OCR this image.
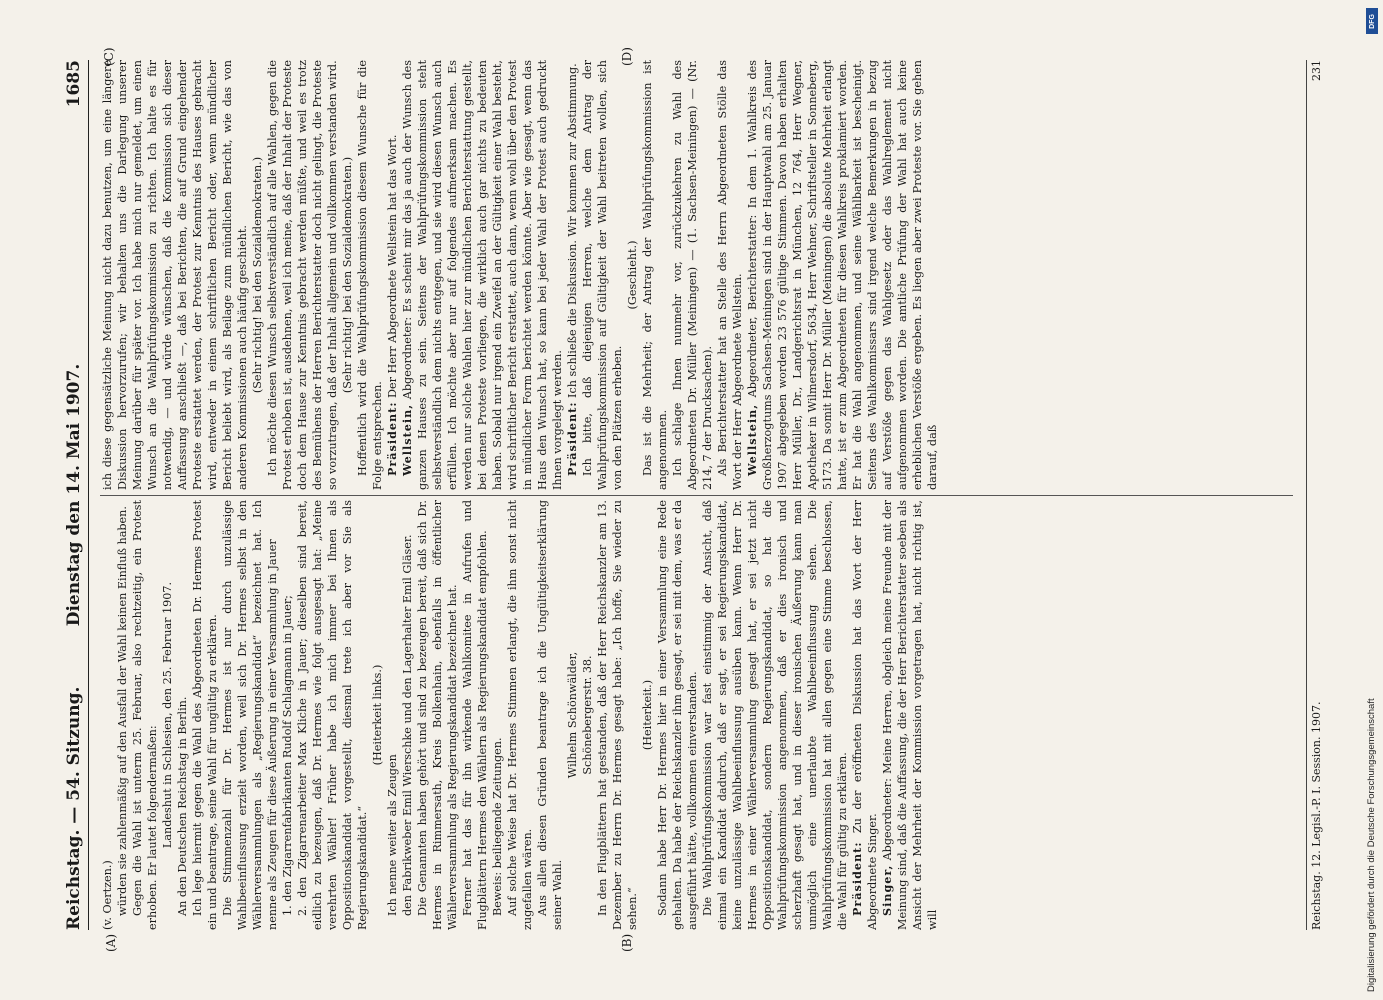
Reichstag. — 54. Sitzung.
Dienstag den 14. Mai 1907.
1685
(A)	(B)
(C)	(D)

(v. Oertzen.) würden sie zahlenmäßig auf den Ausfall der Wahl keinen Einfluß haben. Gegen die Wahl ist unterm 25. Februar, also rechtzeitig, ein Protest erhoben. Er lautet folgendermaßen: Landeshut in Schlesien, den 25. Februar 1907. An den Deutschen Reichstag in Berlin. Ich lege hiermit gegen die Wahl des Abgeordneten Dr. Hermes Protest ein und beantrage, seine Wahl für ungültig zu erklären. Die Stimmenzahl für Dr. Hermes ist nur durch unzulässige Wahlbeeinflussung erzielt worden, weil sich Dr. Hermes selbst in den Wählerversammlungen als „Regierungskandidat“ bezeichnet hat. Ich nenne als Zeugen für diese Äußerung in einer Versammlung in Jauer 1. den Zigarrenfabrikanten Rudolf Schlagmann in Jauer; 2. den Zigarrenarbeiter Max Kliche in Jauer; dieselben sind bereit, eidlich zu bezeugen, daß Dr. Hermes wie folgt ausgesagt hat: „Meine verehrten Wähler! Früher habe ich mich immer bei Ihnen als Oppositionskandidat vorgestellt, diesmal trete ich aber vor Sie als Regierungskandidat.“

(Heiterkeit links.)

Ich nenne weiter als Zeugen den Fabrikweber Emil Wierschke und den Lagerhalter Emil Gläser. Die Genannten haben gehört und sind zu bezeugen bereit, daß sich Dr. Hermes in Rimmersath, Kreis Bolkenhain, ebenfalls in öffentlicher Wählerversammlung als Regierungskandidat bezeichnet hat. Ferner hat das für ihn wirkende Wahlkomitee in Aufrufen und Flugblättern Hermes den Wählern als Regierungskandidat empfohlen. Beweis: beiliegende Zeitungen. Auf solche Weise hat Dr. Hermes Stimmen erlangt, die ihm sonst nicht zugefallen wären. Aus allen diesen Gründen beantrage ich die Ungültigkeitserklärung seiner Wahl.

Wilhelm Schönwälder, Schönebergerstr. 38. In den Flugblättern hat gestanden, daß der Herr Reichskanzler am 13. Dezember zu Herrn Dr. Hermes gesagt habe: „Ich hoffe, Sie wieder zu sehen.“

(Heiterkeit.) Sodann habe Herr Dr. Hermes hier in einer Versammlung eine Rede gehalten. Da habe der Reichskanzler ihm gesagt, er sei mit dem, was er da ausgeführt hätte, vollkommen einverstanden. Die Wahlprüfungskommission war fast einstimmig der Ansicht, daß einmal ein Kandidat dadurch, daß er sagt, er sei Regierungskandidat, keine unzulässige Wahlbeeinflussung ausüben kann. Wenn Herr Dr. Hermes in einer Wählerversammlung gesagt hat, er sei jetzt nicht Oppositionskandidat, sondern Regierungskandidat, so hat die Wahlprüfungskommission angenommen, daß er dies ironisch und scherzhaft gesagt hat, und in dieser ironischen Äußerung kann man unmöglich eine unerlaubte Wahlbeeinflussung sehen. Die Wahlprüfungskommission hat mit allen gegen eine Stimme beschlossen, die Wahl für gültig zu erklären. Präsident: Zu der eröffneten Diskussion hat das Wort der Herr Abgeordnete Singer. Singer, Abgeordneter: Meine Herren, obgleich meine Freunde mit der Meinung sind, daß die Auffassung, die der Herr Berichterstatter soeben als Ansicht der Mehrheit der Kommission vorgetragen hat, nicht richtig ist, will

ich diese gegensätzliche Meinung nicht dazu benutzen, um eine längere Diskussion hervorzurufen; wir behalten uns die Darlegung unserer Meinung darüber für später vor. Ich habe mich nur gemeldet, um einen Wunsch an die Wahlprüfungskommission zu richten. Ich halte es für notwendig, — und würde wünschen, daß die Kommission sich dieser Auffassung anschließt —, daß bei Berichten, die auf Grund eingehender Proteste erstattet werden, der Protest zur Kenntnis des Hauses gebracht wird, entweder in einem schriftlichen Bericht oder, wenn mündlicher Bericht beliebt wird, als Beilage zum mündlichen Bericht, wie das von anderen Kommissionen auch häufig geschieht. (Sehr richtig! bei den Sozialdemokraten.) Ich möchte diesen Wunsch selbstverständlich auf alle Wahlen, gegen die Protest erhoben ist, ausdehnen, weil ich meine, daß der Inhalt der Proteste doch dem Hause zur Kenntnis gebracht werden müßte, und weil es trotz des Bemühens der Herren Berichterstatter doch nicht gelingt, die Proteste so vorzutragen, daß der Inhalt allgemein und vollkommen verstanden wird. (Sehr richtig! bei den Sozialdemokraten.) Hoffentlich wird die Wahlprüfungskommission diesem Wunsche für die Folge entsprechen. Präsident: Der Herr Abgeordnete Wellstein hat das Wort.

Wellstein, Abgeordneter: Es scheint mir das ja auch der Wunsch des ganzen Hauses zu sein. Seitens der Wahlprüfungskommission steht selbstverständlich dem nichts entgegen, und sie wird diesen Wunsch auch erfüllen. Ich möchte aber nur auf folgendes aufmerksam machen. Es werden nur solche Wahlen hier zur mündlichen Berichterstattung gestellt, bei denen Proteste vorliegen, die wirklich auch gar nichts zu bedeuten haben. Sobald nur irgend ein Zweifel an der Gültigkeit einer Wahl besteht, wird schriftlicher Bericht erstattet, auch dann, wenn wohl über den Protest in mündlicher Form berichtet werden könnte. Aber wie gesagt, wenn das Haus den Wunsch hat, so kann bei jeder Wahl der Protest auch gedruckt Ihnen vorgelegt werden. Präsident: Ich schließe die Diskussion. Wir kommen zur Abstimmung. Ich bitte, daß diejenigen Herren, welche dem Antrag der Wahlprüfungskommission auf Gültigkeit der Wahl beitreten wollen, sich von den Plätzen erheben.

(Geschieht.) Das ist die Mehrheit; der Antrag der Wahlprüfungskommission ist angenommen. Ich schlage Ihnen nunmehr vor, zurückzukehren zu Wahl des Abgeordneten Dr. Müller (Meiningen) — (1. Sachsen-Meiningen) — (Nr. 214, 7 der Drucksachen). Als Berichterstatter hat an Stelle des Herrn Abgeordneten Stölle das Wort der Herr Abgeordnete Wellstein. Wellstein, Abgeordneter, Berichterstatter: In dem 1. Wahlkreis des Großherzogtums Sachsen-Meiningen sind in der Hauptwahl am 25. Januar 1907 abgegeben worden 23 576 gültige Stimmen. Davon haben erhalten Herr Müller, Dr., Landgerichtsrat in München, 12 764, Herr Wegner, Apotheker in Wilmersdorf, 5634, Herr Wehner, Schriftsteller in Sonneberg, 5173. Da somit Herr Dr. Müller (Meiningen) die absolute Mehrheit erlangt hatte, ist er zum Abgeordneten für diesen Wahlkreis proklamiert worden. Er hat die Wahl angenommen, und seine Wählbarkeit ist bescheinigt. Seitens des Wahlkommissars sind irgend welche Bemerkungen in bezug auf Verstöße gegen das Wahlgesetz oder das Wahlreglement nicht aufgenommen worden. Die amtliche Prüfung der Wahl hat auch keine erheblichen Verstöße ergeben. Es liegen aber zwei Proteste vor. Sie gehen darauf, daß

Reichstag. 12. Legisl.-P. I. Session. 1907.
231
Digitalisierung gefördert durch die Deutsche Forschungsgemeinschaft
DFG
